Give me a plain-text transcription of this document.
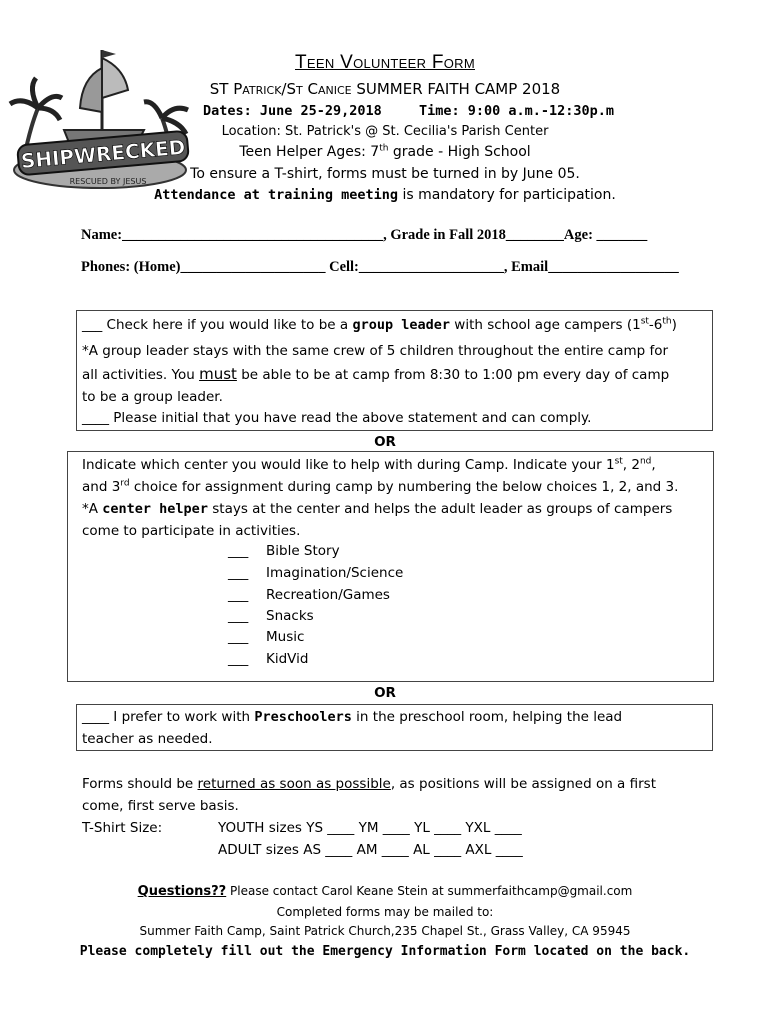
SHIPWRECKED
RESCUED BY JESUS
Teen Volunteer Form
ST Patrick/St Canice SUMMER FAITH CAMP 2018
Dates: June 25-29,2018	Time: 9:00 a.m.-12:30p.m
Location: St. Patrick's @ St. Cecilia's Parish Center
Teen Helper Ages: 7th grade - High School
To ensure a T-shirt, forms must be turned in by June 05.
Attendance at training meeting is mandatory for participation.
Name:____________________________________, Grade in Fall 2018________Age: _______
Phones: (Home)____________________ Cell:____________________, Email__________________
___ Check here if you would like to be a group leader with school age campers (1st-6th)
*A group leader stays with the same crew of 5 children throughout the entire camp for
all activities. You must be able to be at camp from 8:30 to 1:00 pm every day of camp
to be a group leader.
____ Please initial that you have read the above statement and can comply.
OR
Indicate which center you would like to help with during Camp. Indicate your 1st, 2nd,
and 3rd choice for assignment during camp by numbering the below choices 1, 2, and 3.
*A center helper stays at the center and helps the adult leader as groups of campers
come to participate in activities.
___ Bible Story
___ Imagination/Science
___ Recreation/Games
___ Snacks
___ Music
___ KidVid
OR
____ I prefer to work with Preschoolers in the preschool room, helping the lead
teacher as needed.
Forms should be returned as soon as possible, as positions will be assigned on a first
come, first serve basis.
T-Shirt Size:	YOUTH sizes YS ____ YM ____ YL ____ YXL ____
ADULT sizes AS ____ AM ____ AL ____ AXL ____
Questions?? Please contact Carol Keane Stein at summerfaithcamp@gmail.com
Completed forms may be mailed to:
Summer Faith Camp, Saint Patrick Church,235 Chapel St., Grass Valley, CA 95945
Please completely fill out the Emergency Information Form located on the back.
